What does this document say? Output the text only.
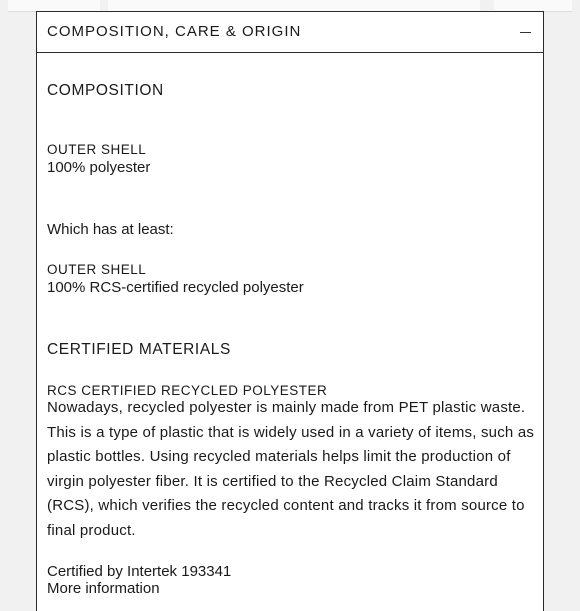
COMPOSITION, CARE & ORIGIN
COMPOSITION
OUTER SHELL
100% polyester
Which has at least:
OUTER SHELL
100% RCS-certified recycled polyester
CERTIFIED MATERIALS
RCS CERTIFIED RECYCLED POLYESTER
Nowadays, recycled polyester is mainly made from PET plastic waste. This is a type of plastic that is widely used in a variety of items, such as plastic bottles. Using recycled materials helps limit the production of virgin polyester fiber. It is certified to the Recycled Claim Standard (RCS), which verifies the recycled content and tracks it from source to final product.
Certified by Intertek 193341
More information
